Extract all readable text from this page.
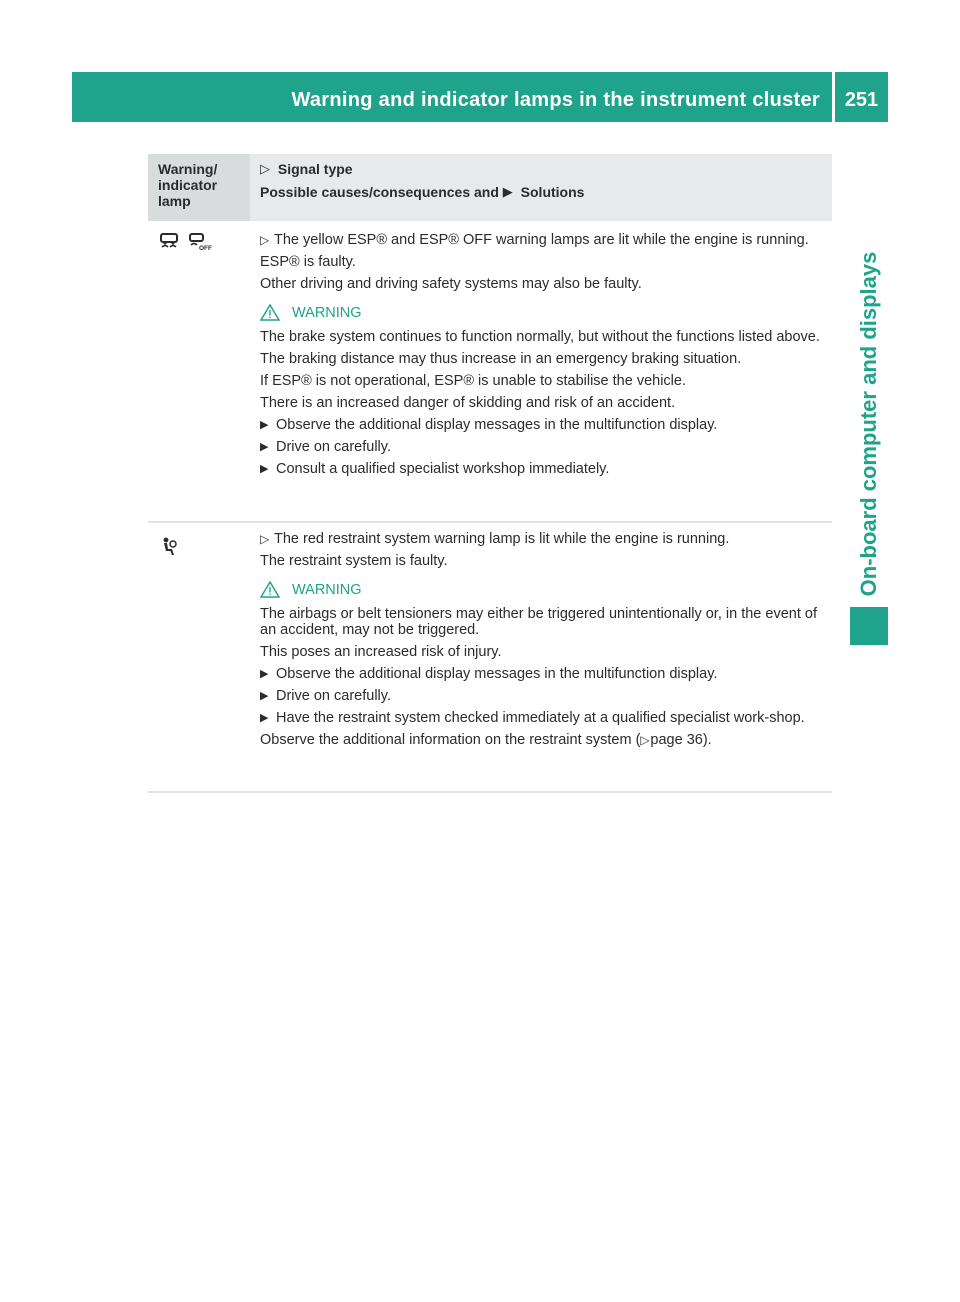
Warning and indicator lamps in the instrument cluster	251
On-board computer and displays
Warning/
indicator
lamp
▷
Signal type
Possible causes/consequences and
▶
Solutions

OFF

▷ The yellow ESP® and ESP® OFF warning lamps are lit while the engine is running.

ESP® is faulty.

Other driving and driving safety systems may also be faulty.

WARNING

The brake system continues to function normally, but without the functions listed above.

The braking distance may thus increase in an emergency braking situation.

If ESP® is not operational, ESP® is unable to stabilise the vehicle.

There is an increased danger of skidding and risk of an accident.

▶ Observe the additional display messages in the multifunction display.

▶ Drive on carefully.

▶ Consult a qualified specialist workshop immediately.

▷ The red restraint system warning lamp is lit while the engine is running.

The restraint system is faulty.

WARNING

The airbags or belt tensioners may either be triggered unintentionally or, in the event of an accident, may not be triggered.

This poses an increased risk of injury.

▶ Observe the additional display messages in the multifunction display.

▶ Drive on carefully.

▶ Have the restraint system checked immediately at a qualified specialist work-shop.

Observe the additional information on the restraint system (▷page 36).
